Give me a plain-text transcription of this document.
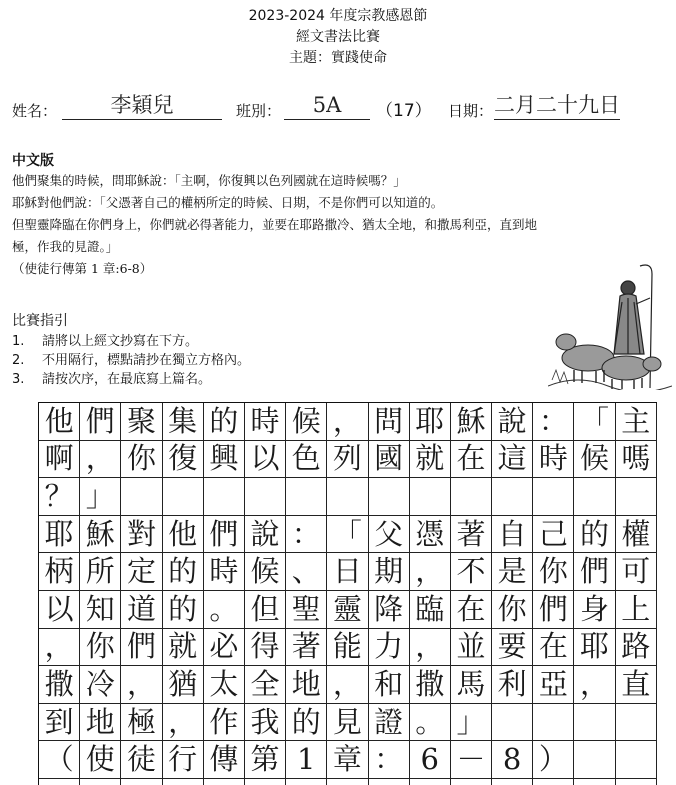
2023-2024 年度宗教感恩節
經文書法比賽
主題：實踐使命
姓名：	李穎兒	班別：	5A	（17） 日期： 二月二十九日
中文版

他們聚集的時候，問耶穌說：「主啊，你復興以色列國就在這時候嗎？」

耶穌對他們說：「父憑著自己的權柄所定的時候、日期，不是你們可以知道的。

但聖靈降臨在你們身上，你們就必得著能力，並要在耶路撒冷、猶太全地，和撒馬利亞，直到地

極，作我的見證。」

（使徒行傳第 1 章:6-8）

比賽指引
1. 請將以上經文抄寫在下方。
2. 不用隔行，標點請抄在獨立方格內。
3. 請按次序，在最底寫上篇名。
他 們 聚 集 的 時 候 ， 問 耶 穌 說 ： 「 主
啊 ， 你 復 興 以 色 列 國 就 在 這 時 候 嗎
？ 」
耶 穌 對 他 們 說 ： 「 父 憑 著 自 己 的 權
柄 所 定 的 時 候 、 日 期 ， 不 是 你 們 可
以 知 道 的 。 但 聖 靈 降 臨 在 你 們 身 上
， 你 們 就 必 得 著 能 力 ， 並 要 在 耶 路
撒 冷 ， 猶 太 全 地 ， 和 撒 馬 利 亞 ， 直
到 地 極 ， 作 我 的 見 證 。 」
（ 使 徒 行 傳 第 1 章 ： 6 － 8 ）
